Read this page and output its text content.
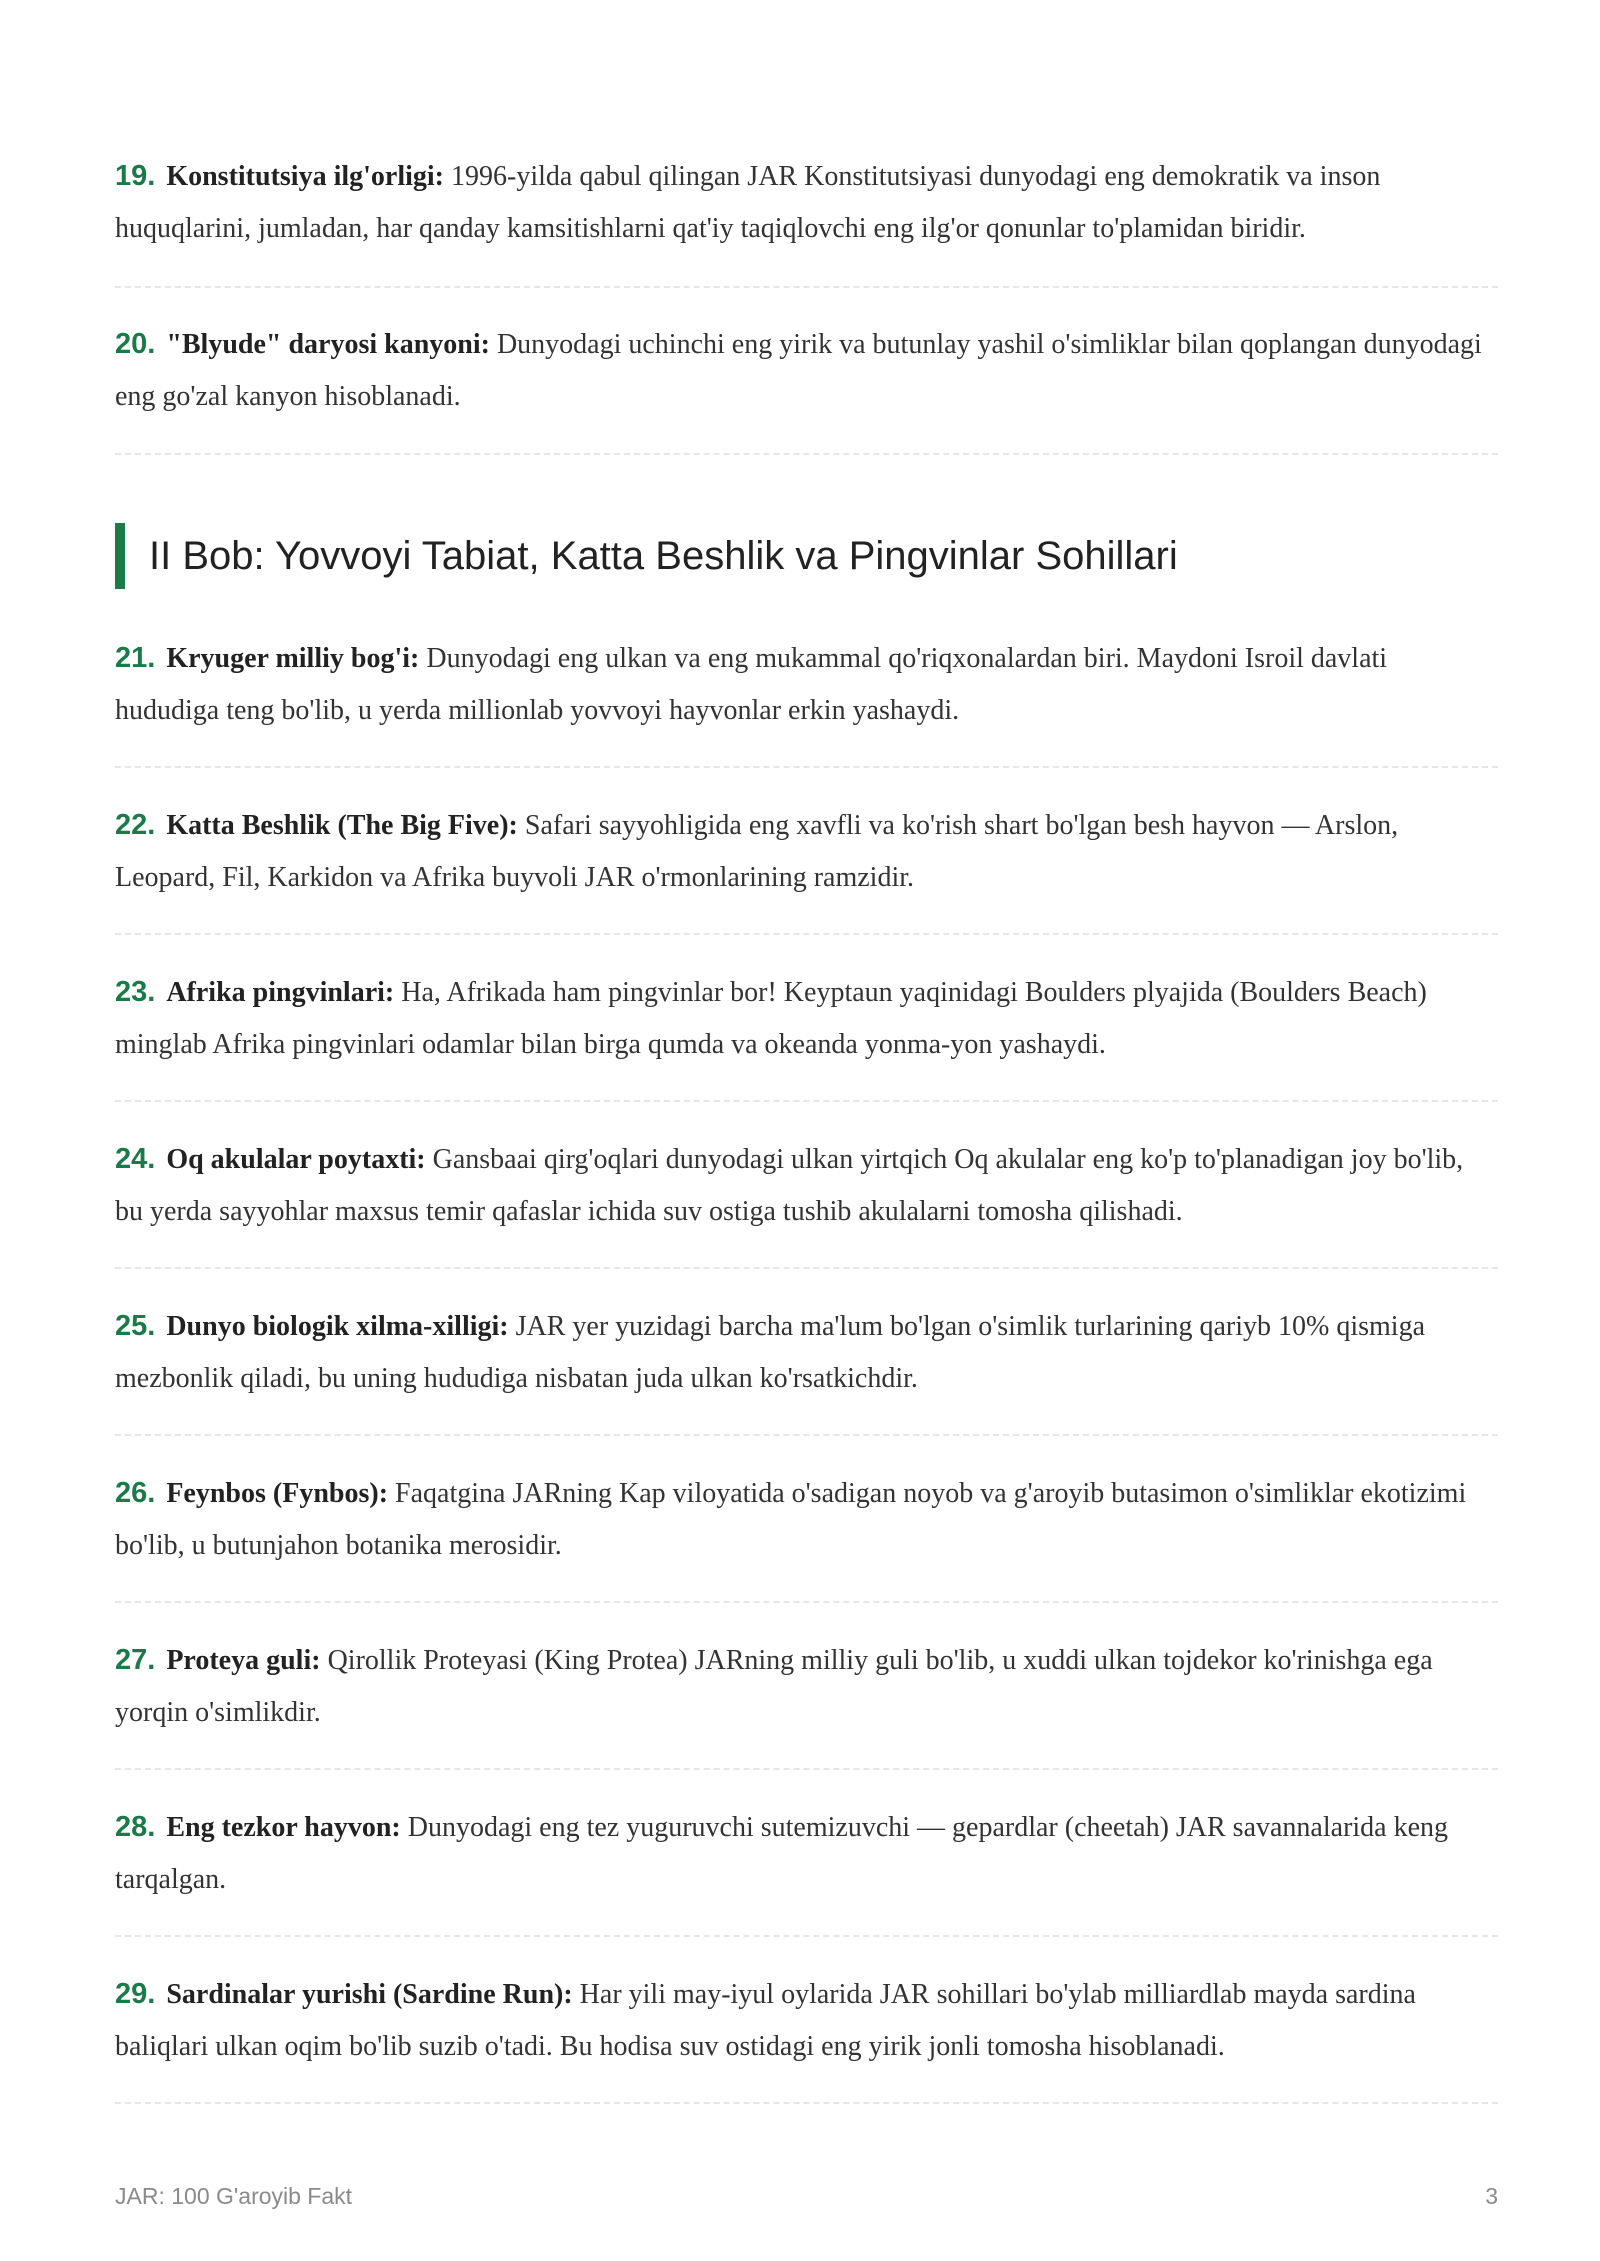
19. Konstitutsiya ilg'orligi: 1996-yilda qabul qilingan JAR Konstitutsiyasi dunyodagi eng demokratik va inson huquqlarini, jumladan, har qanday kamsitishlarni qat'iy taqiqlovchi eng ilg'or qonunlar to'plamidan biridir.

20. "Blyude" daryosi kanyoni: Dunyodagi uchinchi eng yirik va butunlay yashil o'simliklar bilan qoplangan dunyodagi eng go'zal kanyon hisoblanadi.

II Bob: Yovvoyi Tabiat, Katta Beshlik va Pingvinlar Sohillari

21. Kryuger milliy bog'i: Dunyodagi eng ulkan va eng mukammal qo'riqxonalardan biri. Maydoni Isroil davlati hududiga teng bo'lib, u yerda millionlab yovvoyi hayvonlar erkin yashaydi.

22. Katta Beshlik (The Big Five): Safari sayyohligida eng xavfli va ko'rish shart bo'lgan besh hayvon — Arslon, Leopard, Fil, Karkidon va Afrika buyvoli JAR o'rmonlarining ramzidir.

23. Afrika pingvinlari: Ha, Afrikada ham pingvinlar bor! Keyptaun yaqinidagi Boulders plyajida (Boulders Beach) minglab Afrika pingvinlari odamlar bilan birga qumda va okeanda yonma-yon yashaydi.

24. Oq akulalar poytaxti: Gansbaai qirg'oqlari dunyodagi ulkan yirtqich Oq akulalar eng ko'p to'planadigan joy bo'lib, bu yerda sayyohlar maxsus temir qafaslar ichida suv ostiga tushib akulalarni tomosha qilishadi.

25. Dunyo biologik xilma-xilligi: JAR yer yuzidagi barcha ma'lum bo'lgan o'simlik turlarining qariyb 10% qismiga mezbonlik qiladi, bu uning hududiga nisbatan juda ulkan ko'rsatkichdir.

26. Feynbos (Fynbos): Faqatgina JARning Kap viloyatida o'sadigan noyob va g'aroyib butasimon o'simliklar ekotizimi bo'lib, u butunjahon botanika merosidir.

27. Proteya guli: Qirollik Proteyasi (King Protea) JARning milliy guli bo'lib, u xuddi ulkan tojdekor ko'rinishga ega yorqin o'simlikdir.

28. Eng tezkor hayvon: Dunyodagi eng tez yuguruvchi sutemizuvchi — gepardlar (cheetah) JAR savannalarida keng tarqalgan.

29. Sardinalar yurishi (Sardine Run): Har yili may-iyul oylarida JAR sohillari bo'ylab milliardlab mayda sardina baliqlari ulkan oqim bo'lib suzib o'tadi. Bu hodisa suv ostidagi eng yirik jonli tomosha hisoblanadi.

JAR: 100 G'aroyib Fakt	3
